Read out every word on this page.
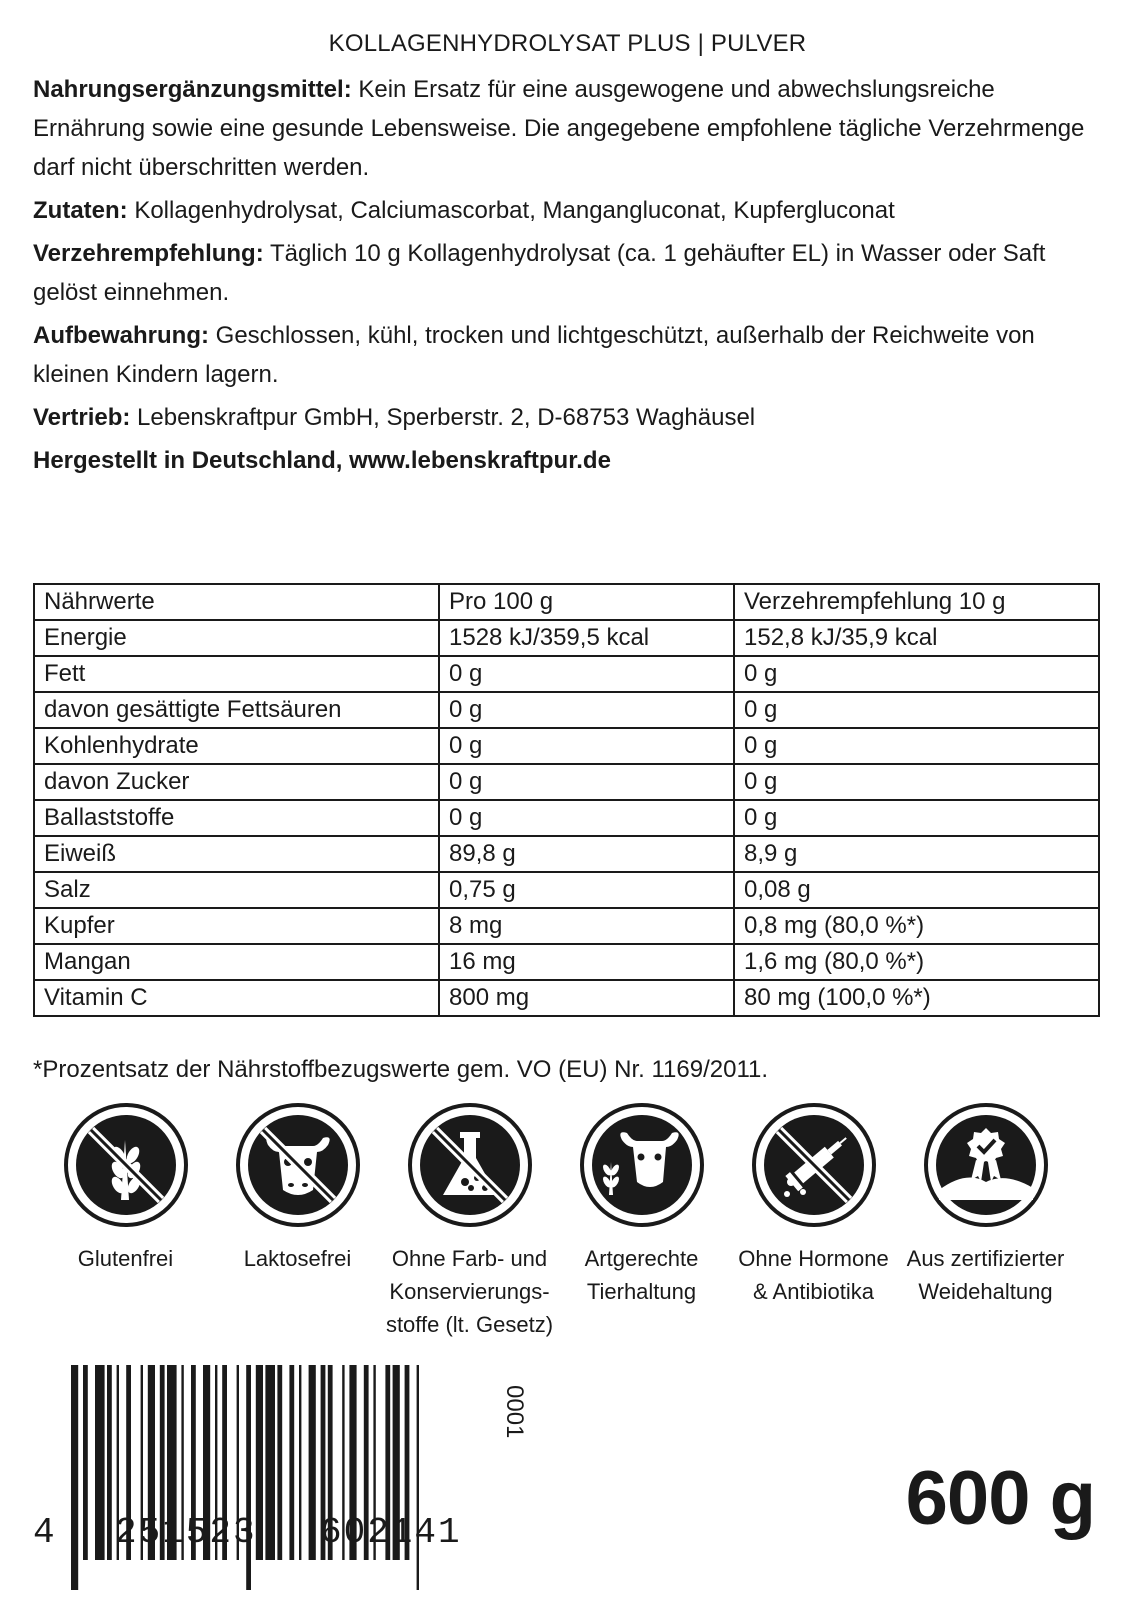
KOLLAGENHYDROLYSAT PLUS | PULVER

Nahrungsergänzungsmittel: Kein Ersatz für eine ausgewogene und abwechslungsreiche Ernährung sowie eine gesunde Lebensweise. Die angegebene empfohlene tägliche Verzehrmenge darf nicht überschritten werden.

Zutaten: Kollagenhydrolysat, Calciumascorbat, Mangangluconat, Kupfergluconat

Verzehrempfehlung: Täglich 10 g Kollagenhydrolysat (ca. 1 gehäufter EL) in Wasser oder Saft gelöst einnehmen.

Aufbewahrung: Geschlossen, kühl, trocken und lichtgeschützt, außerhalb der Reichweite von kleinen Kindern lagern.

Vertrieb: Lebenskraftpur GmbH, Sperberstr. 2, D-68753 Waghäusel

Hergestellt in Deutschland, www.lebenskraftpur.de

Nährwerte	Pro 100 g	Verzehrempfehlung 10 g
Energie	1528 kJ/359,5 kcal	152,8 kJ/35,9 kcal
Fett	0 g	0 g
davon gesättigte Fettsäuren	0 g	0 g
Kohlenhydrate	0 g	0 g
davon Zucker	0 g	0 g
Ballaststoffe	0 g	0 g
Eiweiß	89,8 g	8,9 g
Salz	0,75 g	0,08 g
Kupfer	8 mg	0,8 mg (80,0 %*)
Mangan	16 mg	1,6 mg (80,0 %*)
Vitamin C	800 mg	80 mg (100,0 %*)
*Prozentsatz der Nährstoffbezugswerte gem. VO (EU) Nr. 1169/2011.
Glutenfrei	Laktosefrei	Ohne Farb- und
Konservierungs-
stoffe (lt. Gesetz)
Artgerechte
Tierhaltung
Ohne Hormone
& Antibiotika
Aus zertifizierter
Weidehaltung
4 251523 602141
0001
600 g
